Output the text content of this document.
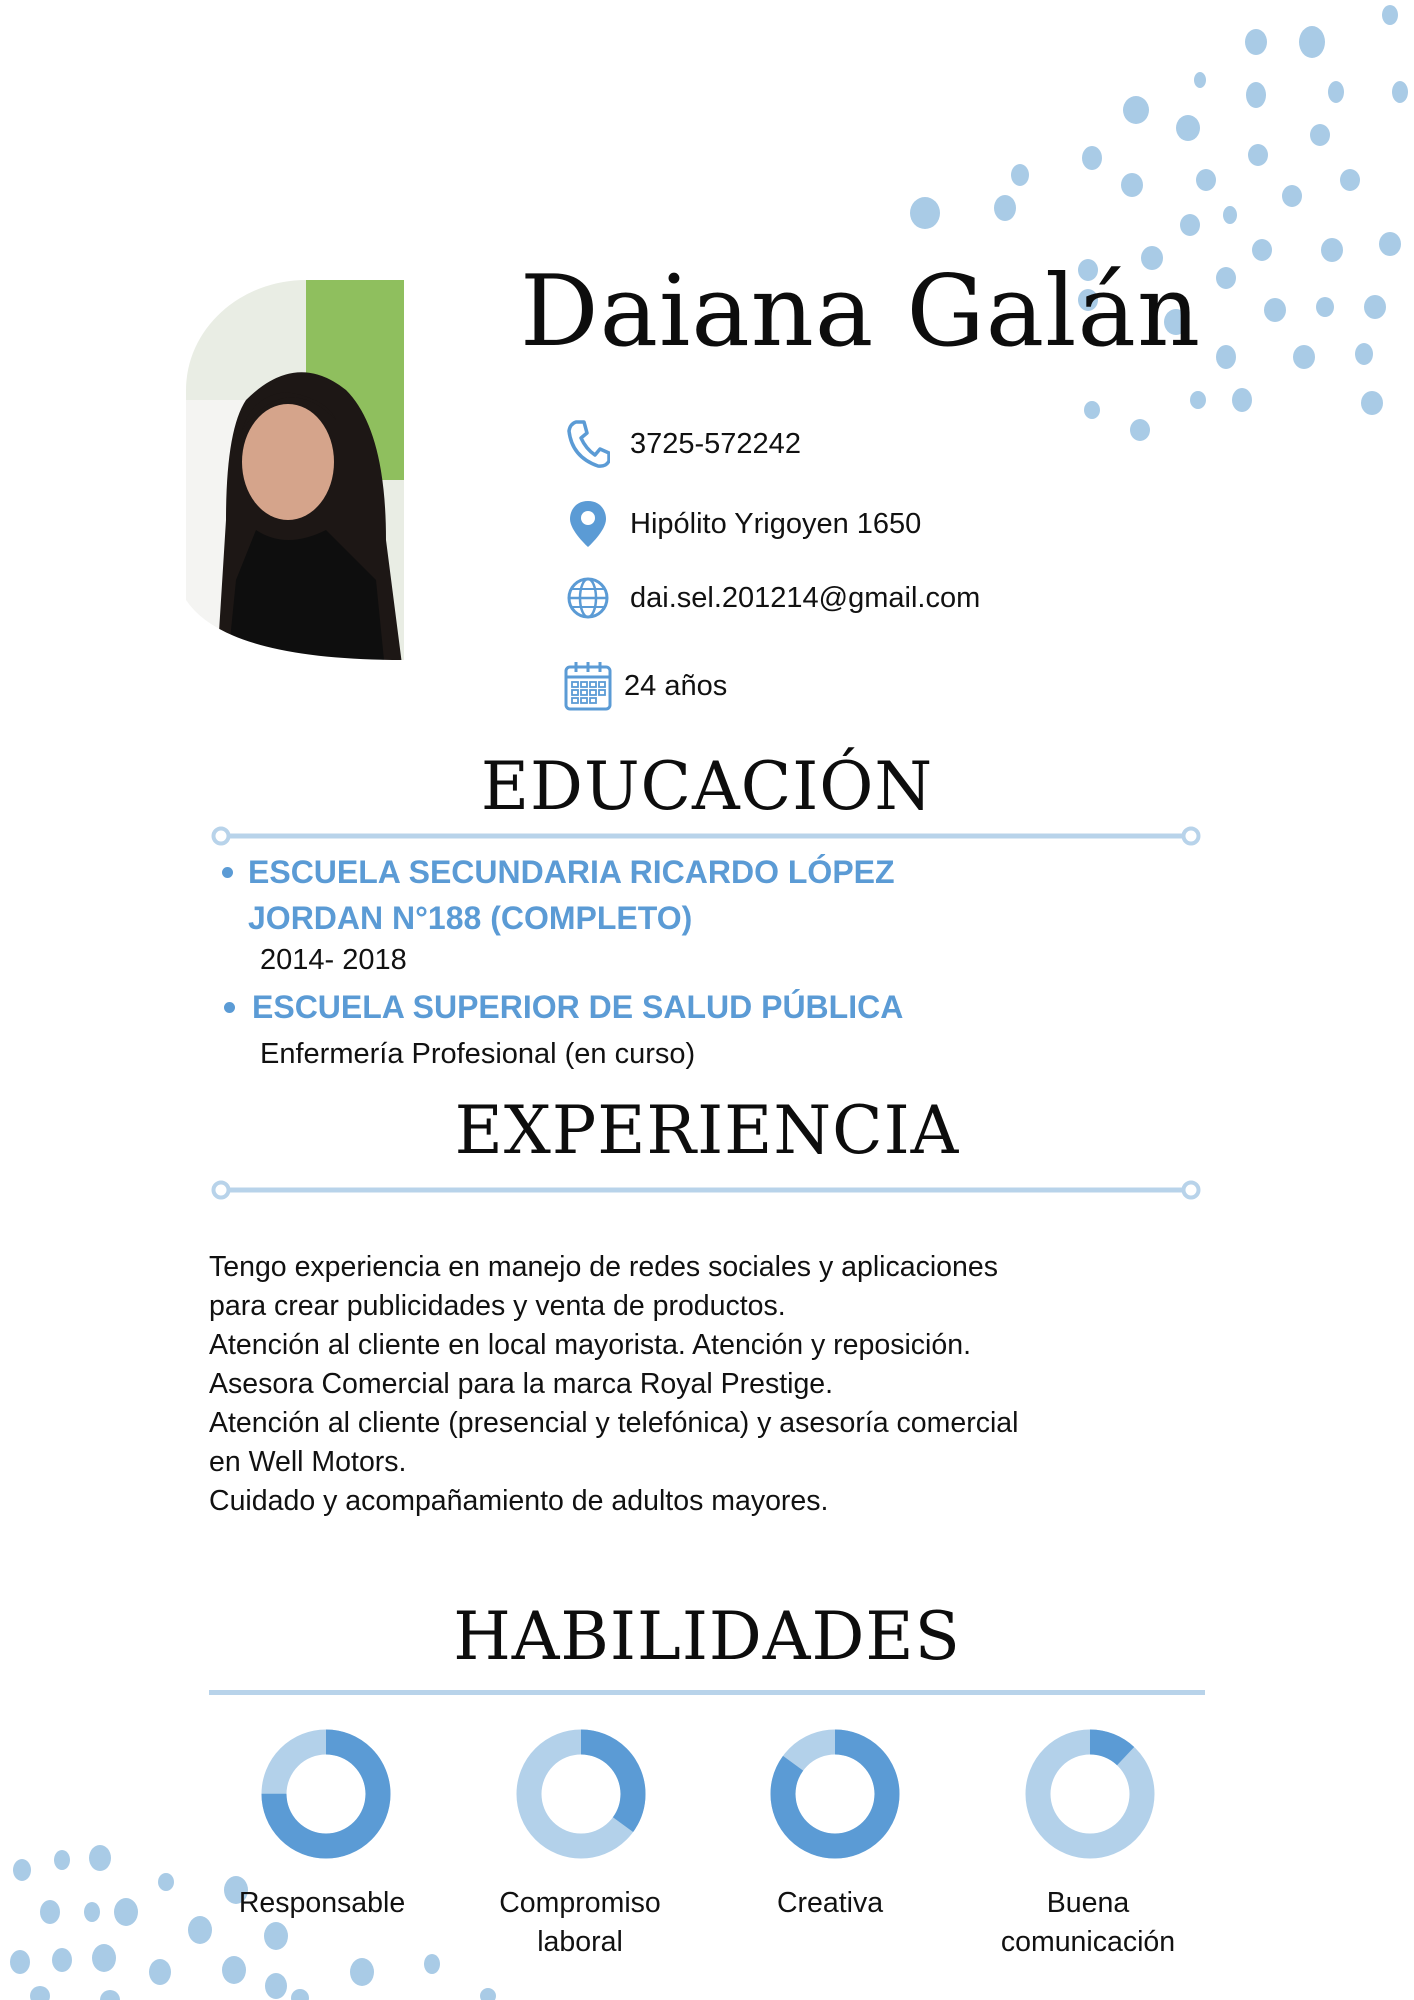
Daiana Galán
3725-572242
Hipólito Yrigoyen 1650
dai.sel.201214@gmail.com
24 años
EDUCACIÓN
ESCUELA SECUNDARIA RICARDO LÓPEZ
JORDAN N°188 (COMPLETO)
2014- 2018
ESCUELA SUPERIOR DE SALUD PÚBLICA
Enfermería Profesional (en curso)
EXPERIENCIA

Tengo experiencia en manejo de redes sociales y aplicaciones

para crear publicidades y venta de productos.

Atención al cliente en local mayorista. Atención y reposición.

Asesora Comercial para la marca Royal Prestige.

Atención al cliente (presencial y telefónica) y asesoría comercial

en Well Motors.

Cuidado y acompañamiento de adultos mayores.

HABILIDADES
Responsable	Compromiso
laboral
Creativa	Buena
comunicación
